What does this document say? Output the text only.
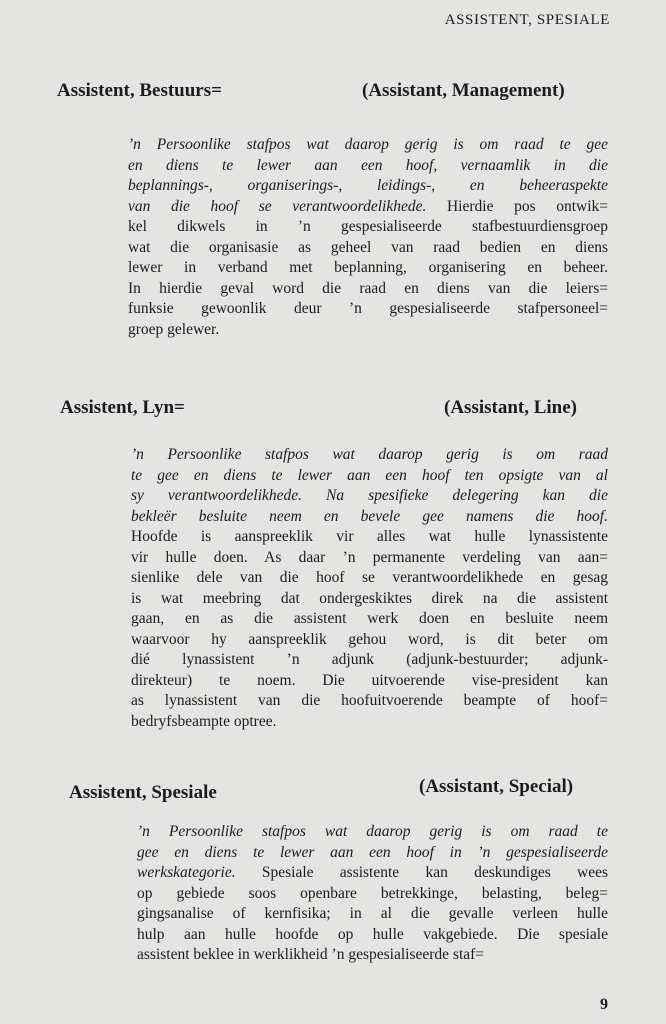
ASSISTENT, SPESIALE
Assistent, Bestuurs=	(Assistant, Management)
’n Persoonlike stafpos wat daarop gerig is om raad te gee
en diens te lewer aan een hoof, vernaamlik in die
beplannings-, organiserings-, leidings-, en beheeraspekte
van die hoof se verantwoordelikhede. Hierdie pos ontwik=
kel dikwels in ’n gespesialiseerde stafbestuurdiensgroep
wat die organisasie as geheel van raad bedien en diens
lewer in verband met beplanning, organisering en beheer.
In hierdie geval word die raad en diens van die leiers=
funksie gewoonlik deur ’n gespesialiseerde stafpersoneel=
groep gelewer.
Assistent, Lyn=	(Assistant, Line)
’n Persoonlike stafpos wat daarop gerig is om raad
te gee en diens te lewer aan een hoof ten opsigte van al
sy verantwoordelikhede. Na spesifieke delegering kan die
bekleër besluite neem en bevele gee namens die hoof.
Hoofde is aanspreeklik vir alles wat hulle lynassistente
vir hulle doen. As daar ’n permanente verdeling van aan=
sienlike dele van die hoof se verantwoordelikhede en gesag
is wat meebring dat ondergeskiktes direk na die assistent
gaan, en as die assistent werk doen en besluite neem
waarvoor hy aanspreeklik gehou word, is dit beter om
dié lynassistent ’n adjunk (adjunk-bestuurder; adjunk-
direkteur) te noem. Die uitvoerende vise-president kan
as lynassistent van die hoofuitvoerende beampte of hoof=
bedryfsbeampte optree.
Assistent, Spesiale	(Assistant, Special)
’n Persoonlike stafpos wat daarop gerig is om raad te
gee en diens te lewer aan een hoof in ’n gespesialiseerde
werkskategorie. Spesiale assistente kan deskundiges wees
op gebiede soos openbare betrekkinge, belasting, beleg=
gingsanalise of kernfisika; in al die gevalle verleen hulle
hulp aan hulle hoofde op hulle vakgebiede. Die spesiale
assistent beklee in werklikheid ’n gespesialiseerde staf=
9
